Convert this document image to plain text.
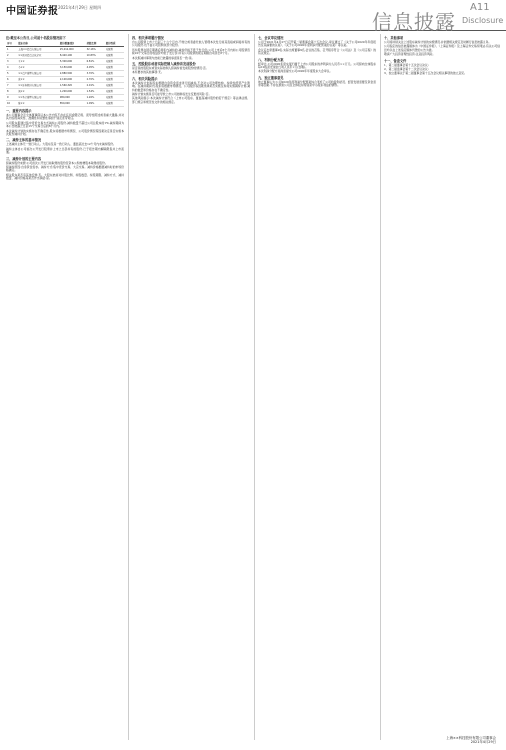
中国证券报 2021年4月29日 星期四
信息披露
A11
Disclosure
注:截至本公告日,公司前十名股东情况如下
序号	股东名称	股份数量(股)	持股比例	股份性质
1	上海××投资有限公司	25,012,000	32.16%	无限售
2	××创业投资合伙企业	8,420,100	10.83%	无限售
3	王××	5,300,000	6.81%	无限售
4	李××	3,150,000	4.05%	无限售
5	××资产管理有限公司	2,880,500	3.70%	无限售
6	张××	2,100,000	2.70%	无限售
7	××证券股份有限公司	1,560,320	2.01%	无限售
8	刘××	1,200,000	1.54%	无限售
9	××基金管理有限公司	980,000	1.26%	无限售
10	陈××	850,000	1.09%	无限售
一、重要内容提示

本公司董事会及全体董事保证本公告内容不存在任何虚假记载、误导性陈述或者重大遗漏,并对其内容的真实性、准确性和完整性承担个别及连带责任。

公司股东拟通过集中竞价交易方式减持公司股份,减持数量不超过公司总股本的1%,减持期间为本公告披露之日起15个交易日后的6个月内。

本次减持计划的实施存在不确定性,股东将根据市场情况、公司股价情况等因素决定是否实施本次股份减持计划。

二、减持主体的基本情况

上述减持主体无一致行动人。大股东及其一致行动人、董监高过去12个月内未减持股份。

减持主体自公司首次公开发行股票并上市之日起持有的股份,已于报告期内解除限售并上市流通。

三、减持计划的主要内容

拟减持股份来源:公司首次公开发行前取得的股份及资本公积转增股本取得的股份。

拟减持原因:自身资金需求。减持方式:集中竞价交易、大宗交易。减持价格根据减持时的市场价格确定。

相关股东是否有其他安排:否。大股东此前对持股比例、持股数量、持股期限、减持方式、减持数量、减持价格等是否作出承诺:是。

四、相关承诺履行情况

自公司股票上市之日起三十六个月内,不转让或者委托他人管理本次发行前其直接或间接持有的公司股份,也不由公司回购该部分股份。

所持股票在锁定期满后两年内减持的,减持价格不低于发行价;公司上市后6个月内如公司股票连续20个交易日的收盘价均低于发行价,持有公司股票的锁定期限自动延长6个月。

本次拟减持事项与此前已披露的承诺是否一致:是。

五、控股股东或者实际控制人减持首发前股份

是否是控股股东或者实际控制人拟减持首发前股份的情况:否。

本所要求的其他事项:无。

六、相关风险提示

本次减持计划系股东根据自身资金需求进行的减持,不会对公司治理结构、持续性经营产生影响。在减持期间内,股东将根据市场情况、公司股价等因素选择是否实施及如何实施减持计划,减持的数量和价格存在不确定性。

减持计划实施是否可能导致上市公司控制权发生变更的风险:否。

其他风险提示:本次减持计划符合《上市公司股东、董监高减持股份的若干规定》等法律法规、部门规章和规范性文件的相关规定。

七、会议审议情况

公司于2021年4月27日召开第二届董事会第十五次会议,审议通过了《关于公司2020年年度报告及其摘要的议案》、《关于公司2020年度利润分配预案的议案》等议案。

会议应出席董事9名,实际出席董事9名,会议的召集、召开程序符合《公司法》及《公司章程》的有关规定。

八、利润分配方案

经审计,公司2020年度实现归属于上市公司股东的净利润为人民币××万元。公司拟向全体股东每10股派发现金红利人民币×元(含税)。

本次利润分配方案尚需提交公司2020年年度股东大会审议。

九、独立董事意见

独立董事认为:公司2020年度利润分配预案综合考虑了公司的盈利状况、经营发展需要及资金需求等因素,不存在损害公司及全体股东特别是中小股东利益的情形。

十、其他事项

公司将持续关注上述股东减持计划的实施情况,并依据相关规定及时履行信息披露义务。

公司指定的信息披露媒体为《中国证券报》、《上海证券报》及上海证券交易所网站,有关公司信息均以在上述指定媒体刊登的公告为准。

敬请广大投资者理性投资,注意投资风险。

十一、备查文件

1、第二届董事会第十五次会议决议;

2、第二届监事会第十二次会议决议;

3、独立董事关于第二届董事会第十五次会议相关事项的独立意见。

上海××科技股份有限公司董事会
2021年4月29日
